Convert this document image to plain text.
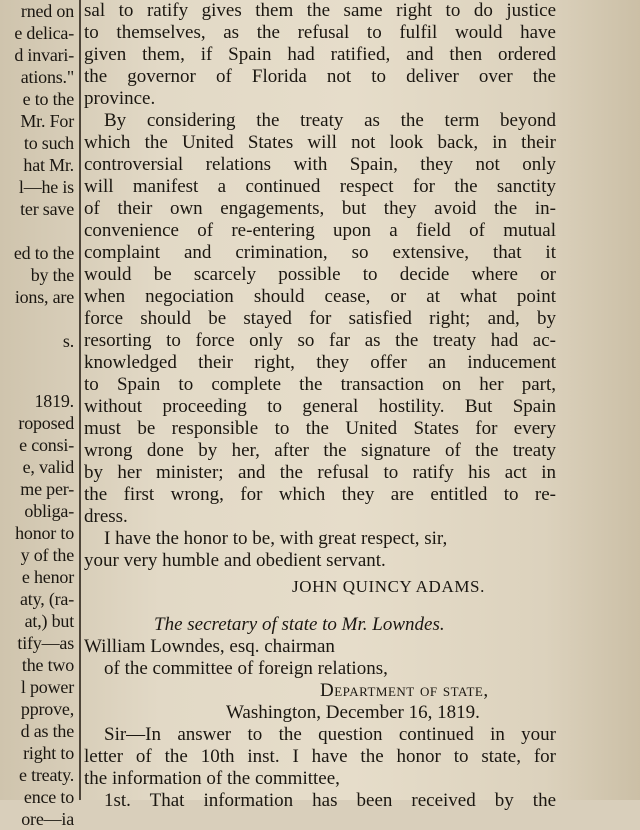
rned on
e delica-
d invari-
ations."
e to the
Mr. For
to such
hat Mr.
l—he is
ter save
ed to the
by the
ions, are
s.
1819.
roposed
e consi-
e, valid
me per-
obliga-
honor to
y of the
e henor
aty, (ra-
at,) but
tify—as
the two
l power
pprove,
d as the
right to
e treaty.
ence to
ore—ia
sal to ratify gives them the same right to do justice
to themselves, as the refusal to fulfil would have
given them, if Spain had ratified, and then ordered
the governor of Florida not to deliver over the
province.
By considering the treaty as the term beyond
which the United States will not look back, in their
controversial relations with Spain, they not only
will manifest a continued respect for the sanctity
of their own engagements, but they avoid the in-
convenience of re-entering upon a field of mutual
complaint and crimination, so extensive, that it
would be scarcely possible to decide where or
when negociation should cease, or at what point
force should be stayed for satisfied right; and, by
resorting to force only so far as the treaty had ac-
knowledged their right, they offer an inducement
to Spain to complete the transaction on her part,
without proceeding to general hostility. But Spain
must be responsible to the United States for every
wrong done by her, after the signature of the treaty
by her minister; and the refusal to ratify his act in
the first wrong, for which they are entitled to re-
dress.
I have the honor to be, with great respect, sir,
your very humble and obedient servant.
JOHN QUINCY ADAMS.
The secretary of state to Mr. Lowndes.
William Lowndes, esq. chairman
of the committee of foreign relations,
Department of state,
Washington, December 16, 1819.
Sir—In answer to the question continued in your
letter of the 10th inst. I have the honor to state, for
the information of the committee,
1st. That information has been received by the
